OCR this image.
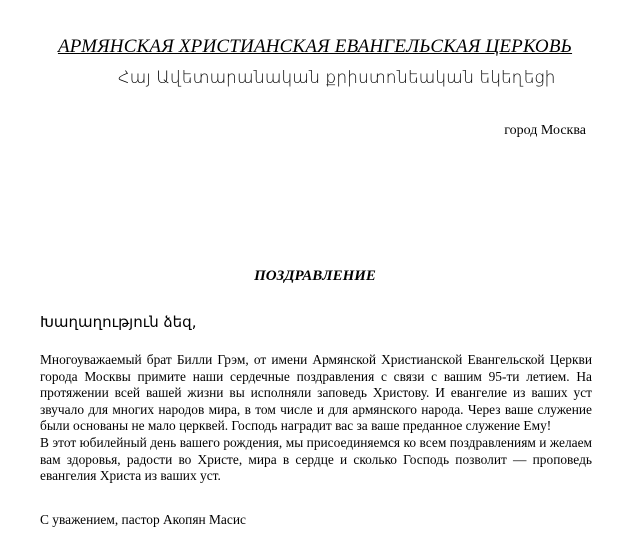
АРМЯНСКАЯ ХРИСТИАНСКАЯ ЕВАНГЕЛЬСКАЯ ЦЕРКОВЬ
Հայ Ավետարանական քրիստոնեական եկեղեցի
город Москва
ПОЗДРАВЛЕНИЕ
Խաղաղություն ձեզ,

Многоуважаемый брат Билли Грэм, от имени Армянской Христианской Евангельской Церкви города Москвы примите наши сердечные поздравления с связи с вашим 95-ти летием. На протяжении всей вашей жизни вы исполняли заповедь Христову. И евангелие из ваших уст звучало для многих народов мира, в том числе и для армянского народа. Через ваше служение были основаны не мало церквей. Господь наградит вас за ваше преданное служение Ему!

В этот юбилейный день вашего рождения, мы присоединяемся ко всем поздравлениям и желаем вам здоровья, радости во Христе, мира в сердце и сколько Господь позволит — проповедь евангелия Христа из ваших уст.

С уважением, пастор Акопян Масис
